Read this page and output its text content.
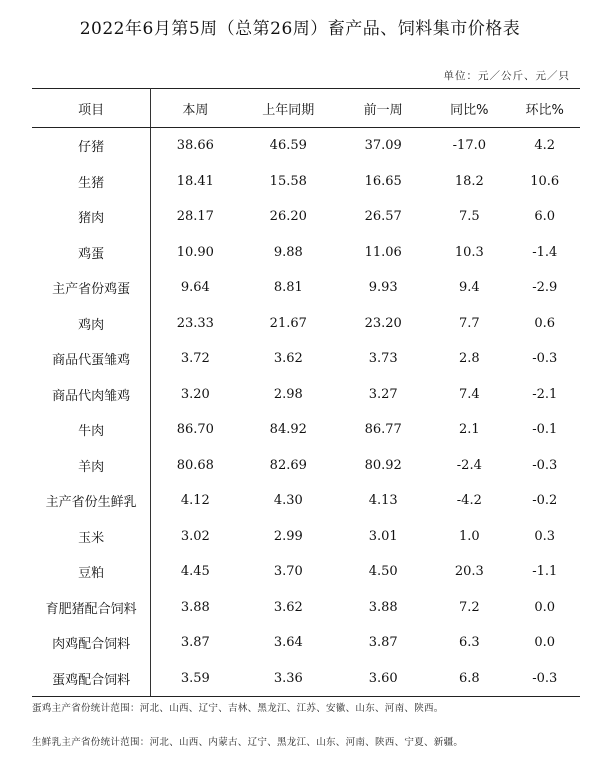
2022年6月第5周（总第26周）畜产品、饲料集市价格表
单位：元／公斤、元／只
项目	本周	上年同期	前一周	同比%	环比%
仔猪	38.66	46.59	37.09	-17.0	4.2
生猪	18.41	15.58	16.65	18.2	10.6
猪肉	28.17	26.20	26.57	7.5	6.0
鸡蛋	10.90	9.88	11.06	10.3	-1.4
主产省份鸡蛋	9.64	8.81	9.93	9.4	-2.9
鸡肉	23.33	21.67	23.20	7.7	0.6
商品代蛋雏鸡	3.72	3.62	3.73	2.8	-0.3
商品代肉雏鸡	3.20	2.98	3.27	7.4	-2.1
牛肉	86.70	84.92	86.77	2.1	-0.1
羊肉	80.68	82.69	80.92	-2.4	-0.3
主产省份生鲜乳	4.12	4.30	4.13	-4.2	-0.2
玉米	3.02	2.99	3.01	1.0	0.3
豆粕	4.45	3.70	4.50	20.3	-1.1
育肥猪配合饲料	3.88	3.62	3.88	7.2	0.0
肉鸡配合饲料	3.87	3.64	3.87	6.3	0.0
蛋鸡配合饲料	3.59	3.36	3.60	6.8	-0.3

蛋鸡主产省份统计范围：河北、山西、辽宁、吉林、黑龙江、江苏、安徽、山东、河南、陕西。

生鲜乳主产省份统计范围：河北、山西、内蒙古、辽宁、黑龙江、山东、河南、陕西、宁夏、新疆。
